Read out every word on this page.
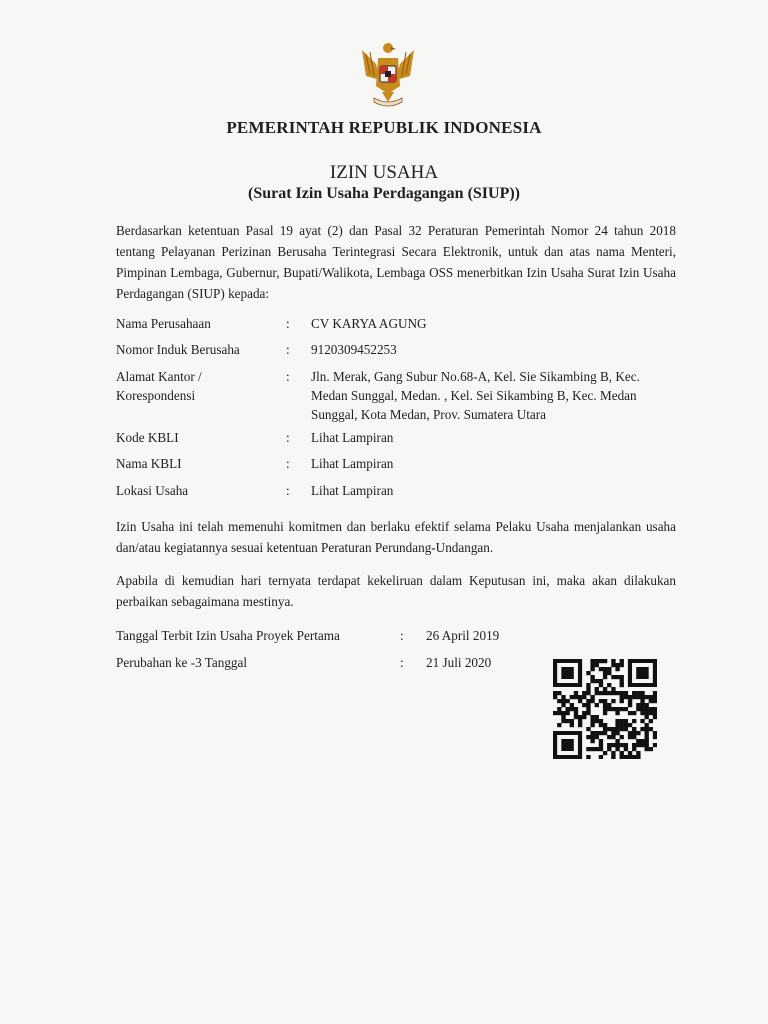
PEMERINTAH REPUBLIK INDONESIA
IZIN USAHA
(Surat Izin Usaha Perdagangan (SIUP))
Berdasarkan ketentuan Pasal 19 ayat (2) dan Pasal 32 Peraturan Pemerintah Nomor 24 tahun 2018 tentang Pelayanan Perizinan Berusaha Terintegrasi Secara Elektronik, untuk dan atas nama Menteri, Pimpinan Lembaga, Gubernur, Bupati/Walikota, Lembaga OSS menerbitkan Izin Usaha Surat Izin Usaha Perdagangan (SIUP) kepada:
Nama Perusahaan	: CV KARYA AGUNG
Nomor Induk Berusaha	: 9120309452253
Alamat Kantor / Korespondensi
: Jln. Merak, Gang Subur No.68-A, Kel. Sie Sikambing B, Kec. Medan Sunggal, Medan. , Kel. Sei Sikambing B, Kec. Medan Sunggal, Kota Medan, Prov. Sumatera Utara
Kode KBLI	: Lihat Lampiran
Nama KBLI	: Lihat Lampiran
Lokasi Usaha	: Lihat Lampiran
Izin Usaha ini telah memenuhi komitmen dan berlaku efektif selama Pelaku Usaha menjalankan usaha dan/atau kegiatannya sesuai ketentuan Peraturan Perundang-Undangan.
Apabila di kemudian hari ternyata terdapat kekeliruan dalam Keputusan ini, maka akan dilakukan perbaikan sebagaimana mestinya.
Tanggal Terbit Izin Usaha Proyek Pertama	: 26 April 2019
Perubahan ke -3 Tanggal	: 21 Juli 2020
